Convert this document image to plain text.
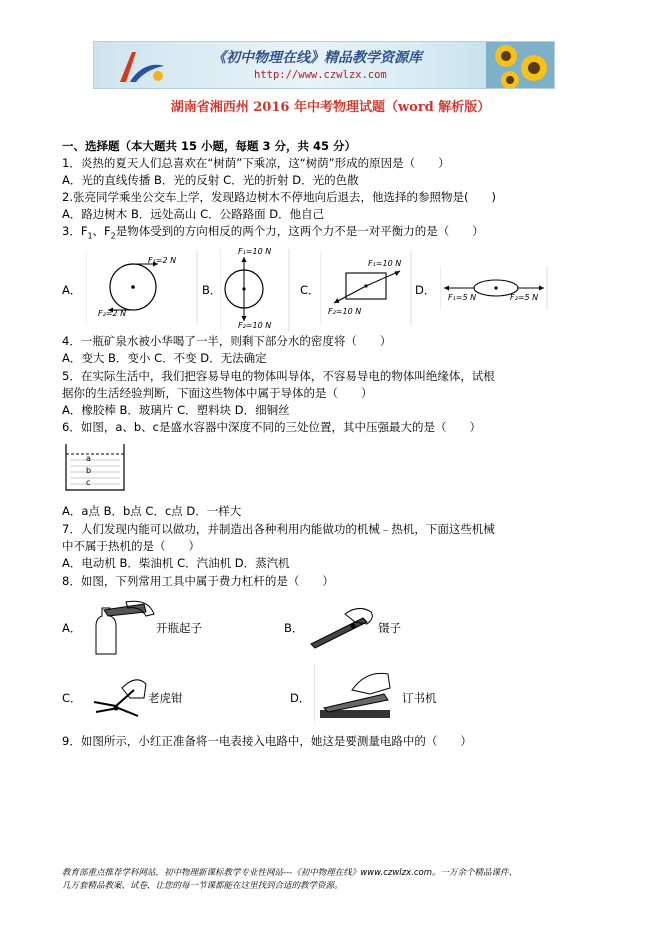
《初中物理在线》精品教学资源库
http://www.czwlzx.com
湖南省湘西州 2016 年中考物理试题（word 解析版）
一、选择题（本大题共 15 小题，每题 3 分，共 45 分）
1．炎热的夏天人们总喜欢在“树荫”下乘凉，这“树荫”形成的原因是（　　）
A．光的直线传播 B．光的反射 C．光的折射 D．光的色散
2.张亮同学乘坐公交车上学，发现路边树木不停地向后退去，他选择的参照物是(　　)
A．路边树木 B．远处高山 C．公路路面 D．他自己
3．$F_1$、$F_2$是物体受到的方向相反的两个力，这两个力不是一对平衡力的是（　　）
A．
F₁=2 N
F₂=2 N
B．
F₁=10 N
F₂=10 N
C．
F₁=10 N
F₂=10 N
D．
F₁=5 N	F₂=5 N
4．一瓶矿泉水被小华喝了一半，则剩下部分水的密度将（　　）
A．变大 B．变小 C．不变 D．无法确定
5．在实际生活中，我们把容易导电的物体叫导体，不容易导电的物体叫绝缘体，试根
据你的生活经验判断，下面这些物体中属于导体的是（　　）
A．橡胶棒 B．玻璃片 C．塑料块 D．细铜丝
6．如图，a、b、c是盛水容器中深度不同的三处位置，其中压强最大的是（　　）
a
b
c
A．a点 B．b点 C．c点 D．一样大
7．人们发现内能可以做功，并制造出各种利用内能做功的机械﹣热机，下面这些机械
中不属于热机的是（　　）
A．电动机 B．柴油机 C．汽油机 D．蒸汽机
8．如图，下列常用工具中属于费力杠杆的是（　　）
A．	开瓶起子	B．	镊子
C．	老虎钳	D．	订书机
9．如图所示，小红正准备将一电表接入电路中，她这是要测量电路中的（　　）
教育部重点推荐学科网站，初中物理新课标教学专业性网站---《初中物理在线》www.czwlzx.com。一万余个精品课件、
几万套精品教案、试卷，让您的每一节课都能在这里找到合适的教学资源。
